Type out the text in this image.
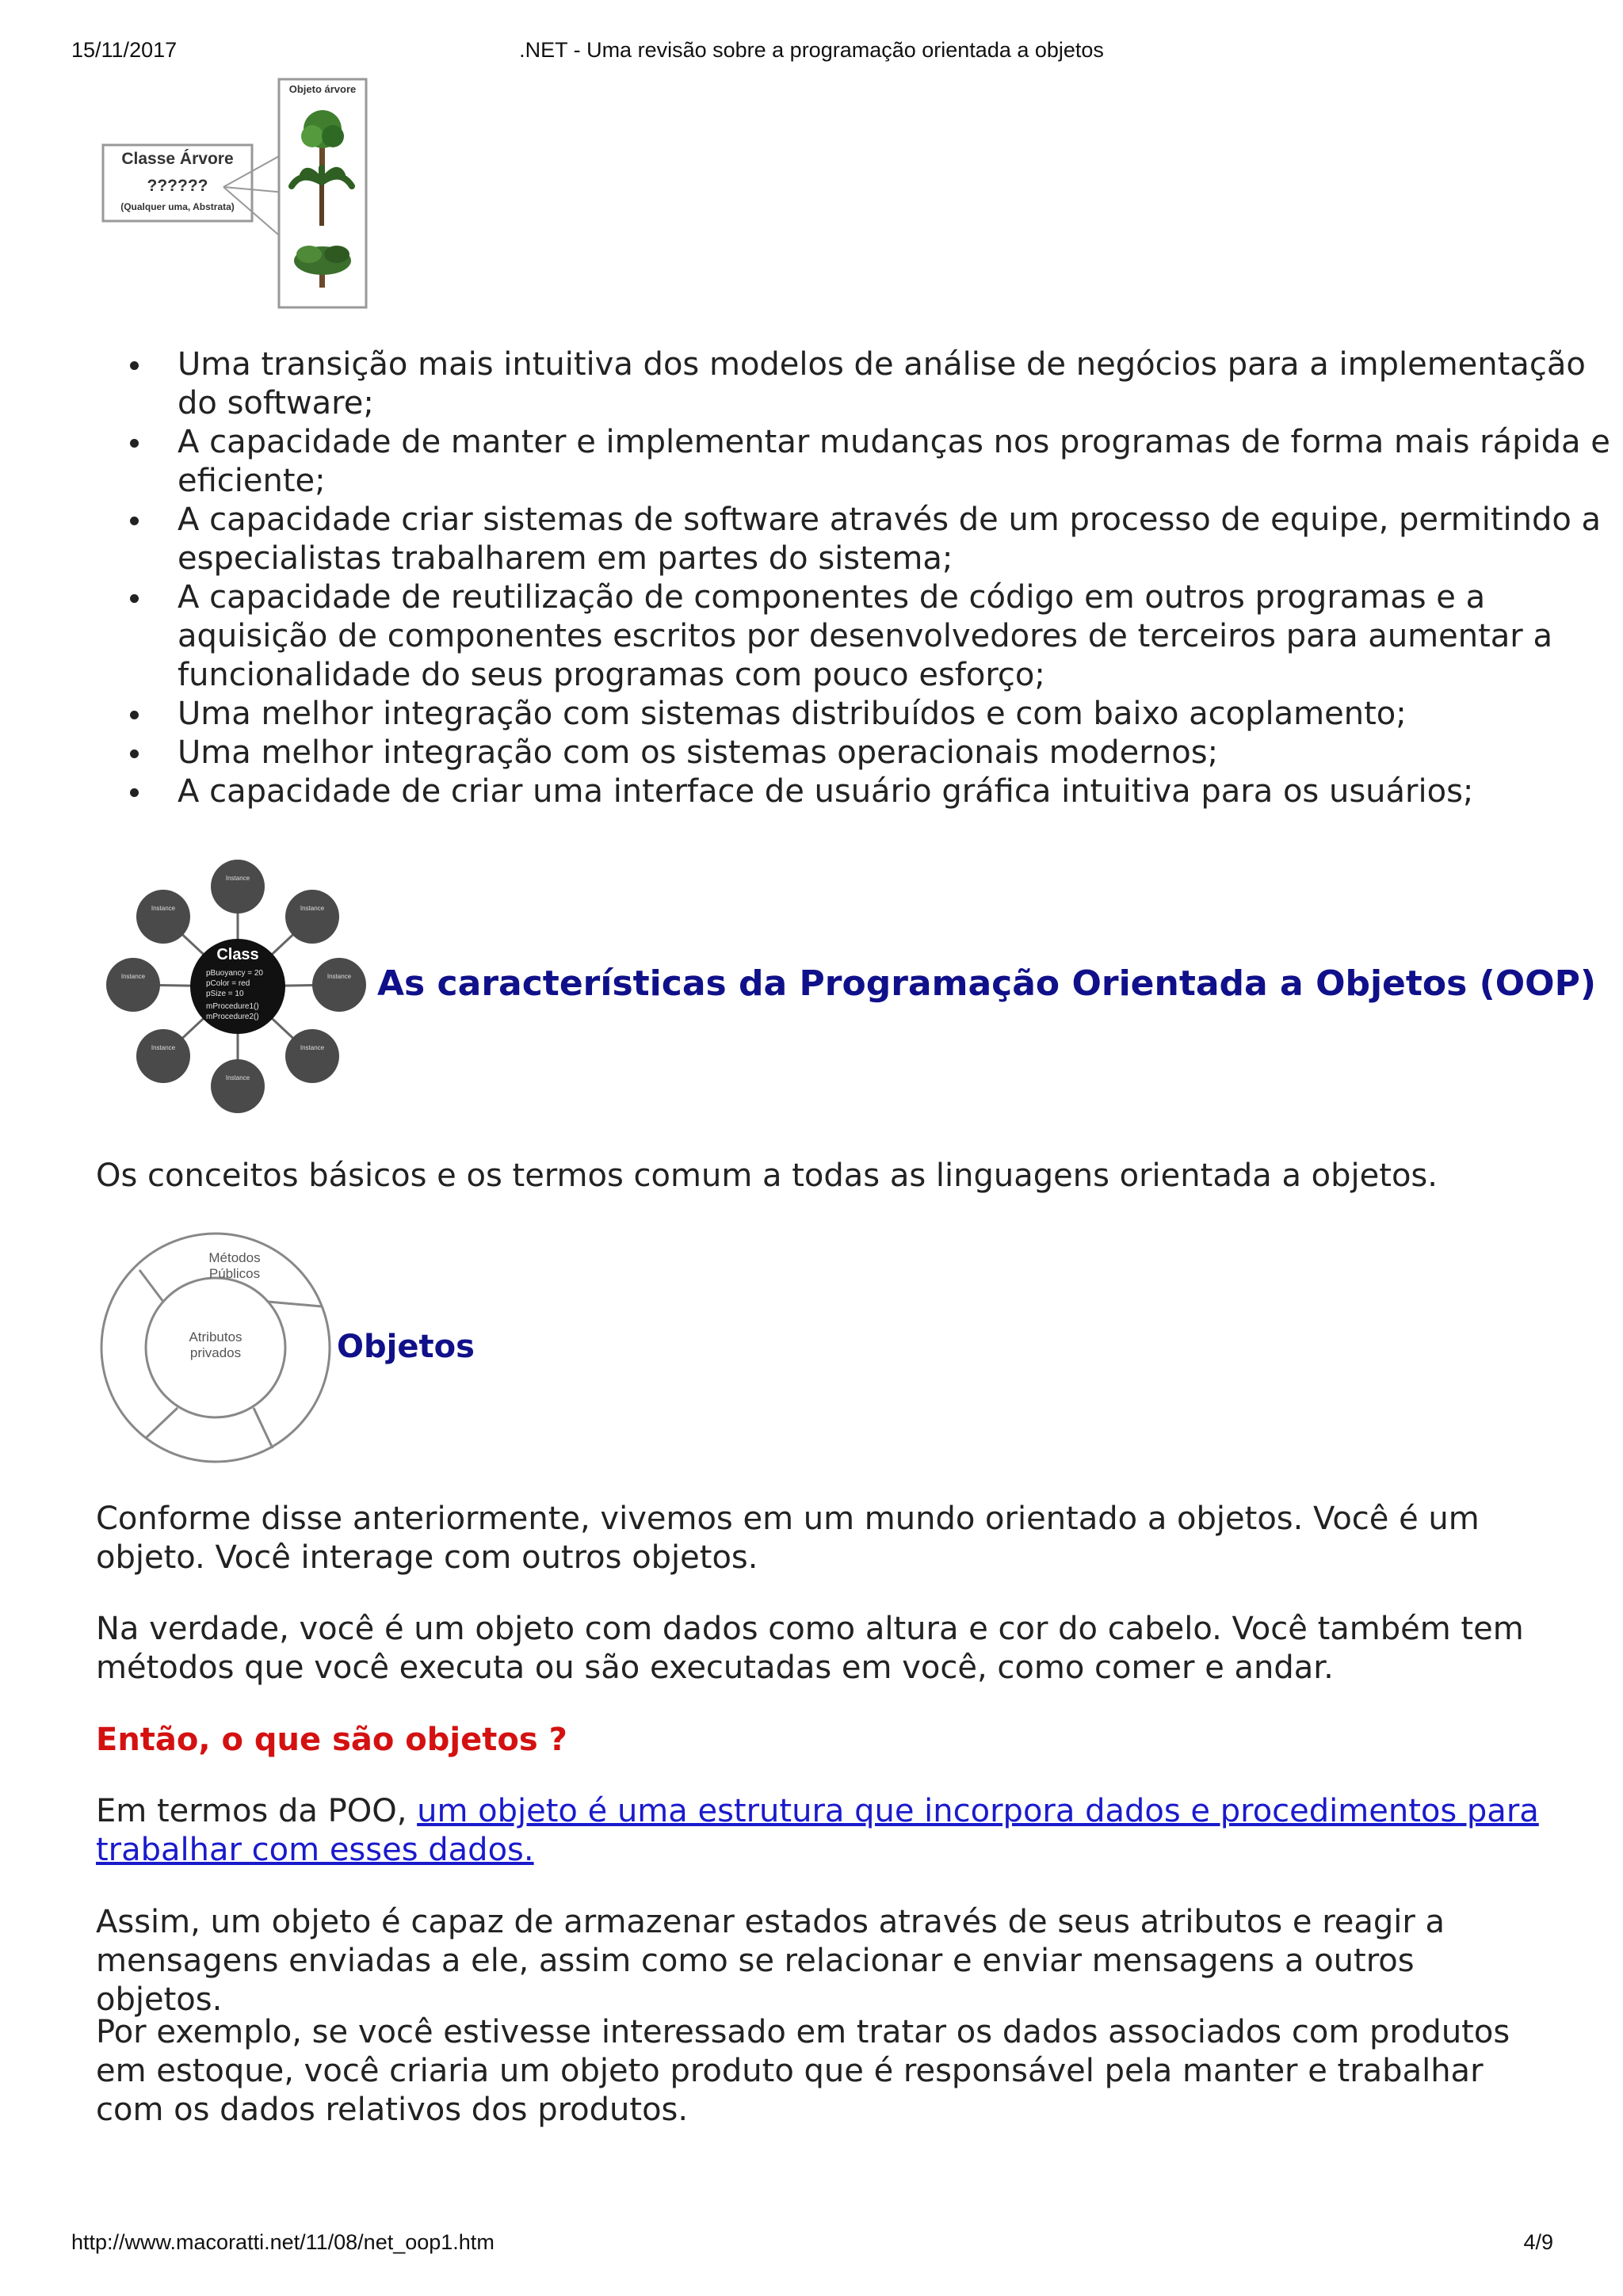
15/11/2017	.NET - Uma revisão sobre a programação orientada a objetos
Classe Árvore
??????
(Qualquer uma, Abstrata)
Objeto árvore
Uma transição mais intuitiva dos modelos de análise de negócios para a implementação do software;
A capacidade de manter e implementar mudanças nos programas de forma mais rápida e eficiente;
A capacidade criar sistemas de software através de um processo de equipe, permitindo a especialistas trabalharem em partes do sistema;
A capacidade de reutilização de componentes de código em outros programas e a aquisição de componentes escritos por desenvolvedores de terceiros para aumentar a funcionalidade do seus programas com pouco esforço;
Uma melhor integração com sistemas distribuídos e com baixo acoplamento;
Uma melhor integração com os sistemas operacionais modernos;
A capacidade de criar uma interface de usuário gráfica intuitiva para os usuários;
Instance
Instance
Instance
Instance
Instance
Instance
Instance
Instance
Class
pBuoyancy = 20
pColor = red
pSize = 10
mProcedure1()
mProcedure2()
As características da Programação Orientada a Objetos (OOP)

Os conceitos básicos e os termos comum a todas as linguagens orientada a objetos.

Métodos
Públicos
Atributos
privados	Objetos

Conforme disse anteriormente, vivemos em um mundo orientado a objetos. Você é um objeto. Você interage com outros objetos.

Na verdade, você é um objeto com dados como altura e cor do cabelo. Você também tem métodos que você executa ou são executadas em você, como comer e andar.

Então, o que são objetos ?

Em termos da POO, um objeto é uma estrutura que incorpora dados e procedimentos para trabalhar com esses dados.

Assim, um objeto é capaz de armazenar estados através de seus atributos e reagir a mensagens enviadas a ele, assim como se relacionar e enviar mensagens a outros objetos.

Por exemplo, se você estivesse interessado em tratar os dados associados com produtos em estoque, você criaria um objeto produto que é responsável pela manter e trabalhar com os dados relativos dos produtos.

http://www.macoratti.net/11/08/net_oop1.htm	4/9
